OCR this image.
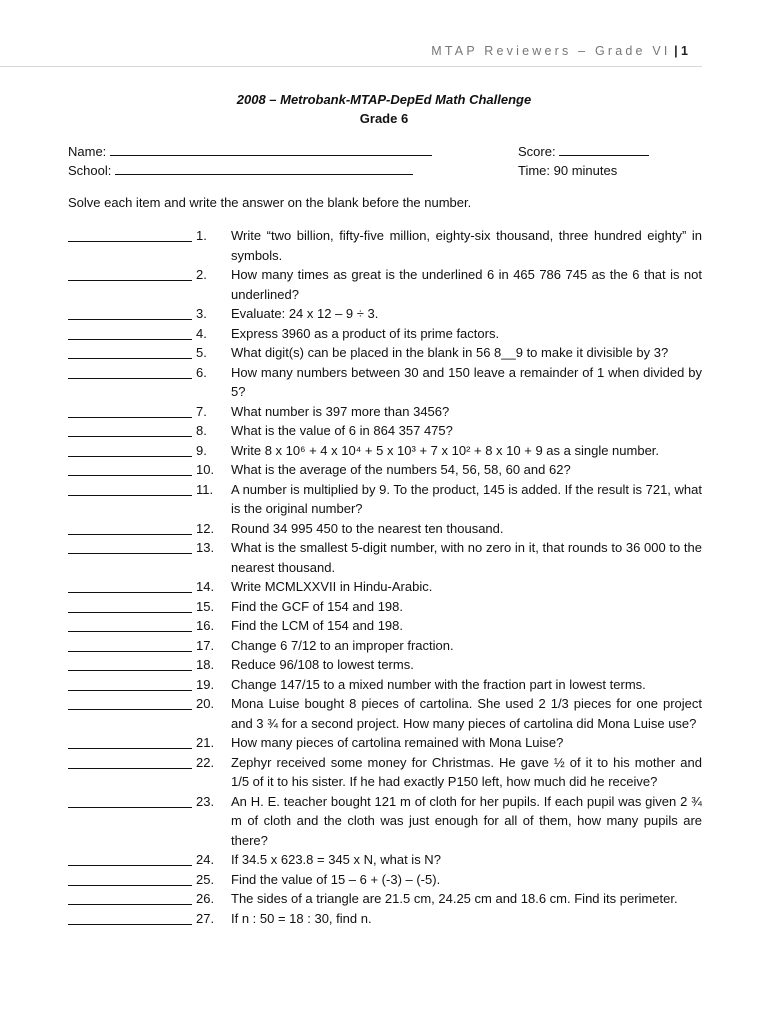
MTAP Reviewers – Grade VI | 1
2008 – Metrobank-MTAP-DepEd Math Challenge
Grade 6
Name:
School:
Score:
Time: 90 minutes
Solve each item and write the answer on the blank before the number.
1.	Write “two billion, fifty-five million, eighty-six thousand, three hundred eighty” in symbols.
2.	How many times as great is the underlined 6 in 465 786 745 as the 6 that is not underlined?
3.	Evaluate: 24 x 12 – 9 ÷ 3.
4.	Express 3960 as a product of its prime factors.
5.	What digit(s) can be placed in the blank in 56 8__9 to make it divisible by 3?
6.	How many numbers between 30 and 150 leave a remainder of 1 when divided by 5?
7.	What number is 397 more than 3456?
8.	What is the value of 6 in 864 357 475?
9.	Write 8 x 10⁶ + 4 x 10⁴ + 5 x 10³ + 7 x 10² + 8 x 10 + 9 as a single number.
10.	What is the average of the numbers 54, 56, 58, 60 and 62?
11.	A number is multiplied by 9. To the product, 145 is added. If the result is 721, what is the original number?
12.	Round 34 995 450 to the nearest ten thousand.
13.	What is the smallest 5-digit number, with no zero in it, that rounds to 36 000 to the nearest thousand.
14.	Write MCMLXXVII in Hindu-Arabic.
15.	Find the GCF of 154 and 198.
16.	Find the LCM of 154 and 198.
17.	Change 6 7/12 to an improper fraction.
18.	Reduce 96/108 to lowest terms.
19.	Change 147/15 to a mixed number with the fraction part in lowest terms.
20.	Mona Luise bought 8 pieces of cartolina. She used 2 1/3 pieces for one project and 3 ¾ for a second project. How many pieces of cartolina did Mona Luise use?
21.	How many pieces of cartolina remained with Mona Luise?
22.	Zephyr received some money for Christmas. He gave ½ of it to his mother and 1/5 of it to his sister. If he had exactly P150 left, how much did he receive?
23.	An H. E. teacher bought 121 m of cloth for her pupils. If each pupil was given 2 ¾ m of cloth and the cloth was just enough for all of them, how many pupils are there?
24.	If 34.5 x 623.8 = 345 x N, what is N?
25.	Find the value of 15 – 6 + (-3) – (-5).
26.	The sides of a triangle are 21.5 cm, 24.25 cm and 18.6 cm. Find its perimeter.
27.	If n : 50 = 18 : 30, find n.
